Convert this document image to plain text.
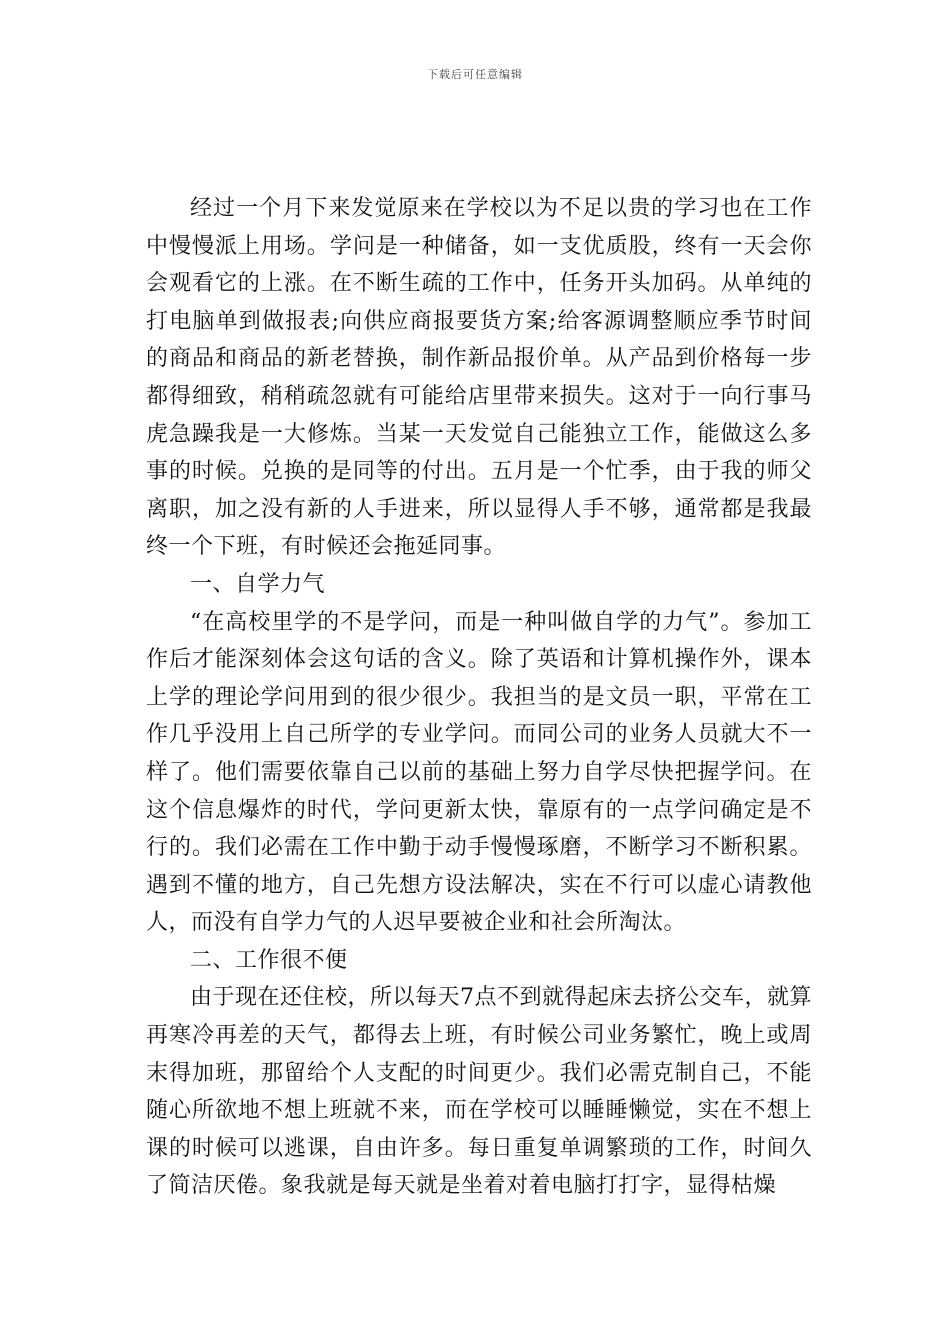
下载后可任意编辑

经过一个月下来发觉原来在学校以为不足以贵的学习也在工作中慢慢派上用场。学问是一种储备，如一支优质股，终有一天会你会观看它的上涨。在不断生疏的工作中，任务开头加码。从单纯的打电脑单到做报表;向供应商报要货方案;给客源调整顺应季节时间的商品和商品的新老替换，制作新品报价单。从产品到价格每一步都得细致，稍稍疏忽就有可能给店里带来损失。这对于一向行事马虎急躁我是一大修炼。当某一天发觉自己能独立工作，能做这么多事的时候。兑换的是同等的付出。五月是一个忙季，由于我的师父离职，加之没有新的人手进来，所以显得人手不够，通常都是我最终一个下班，有时候还会拖延同事。

一、自学力气

“在高校里学的不是学问，而是一种叫做自学的力气”。参加工作后才能深刻体会这句话的含义。除了英语和计算机操作外，课本上学的理论学问用到的很少很少。我担当的是文员一职，平常在工作几乎没用上自己所学的专业学问。而同公司的业务人员就大不一样了。他们需要依靠自己以前的基础上努力自学尽快把握学问。在这个信息爆炸的时代，学问更新太快，靠原有的一点学问确定是不行的。我们必需在工作中勤于动手慢慢琢磨，不断学习不断积累。遇到不懂的地方，自己先想方设法解决，实在不行可以虚心请教他人，而没有自学力气的人迟早要被企业和社会所淘汰。

二、工作很不便

由于现在还住校，所以每天7点不到就得起床去挤公交车，就算再寒冷再差的天气，都得去上班，有时候公司业务繁忙，晚上或周末得加班，那留给个人支配的时间更少。我们必需克制自己，不能随心所欲地不想上班就不来，而在学校可以睡睡懒觉，实在不想上课的时候可以逃课，自由许多。每日重复单调繁琐的工作，时间久了简洁厌倦。象我就是每天就是坐着对着电脑打打字，显得枯燥
